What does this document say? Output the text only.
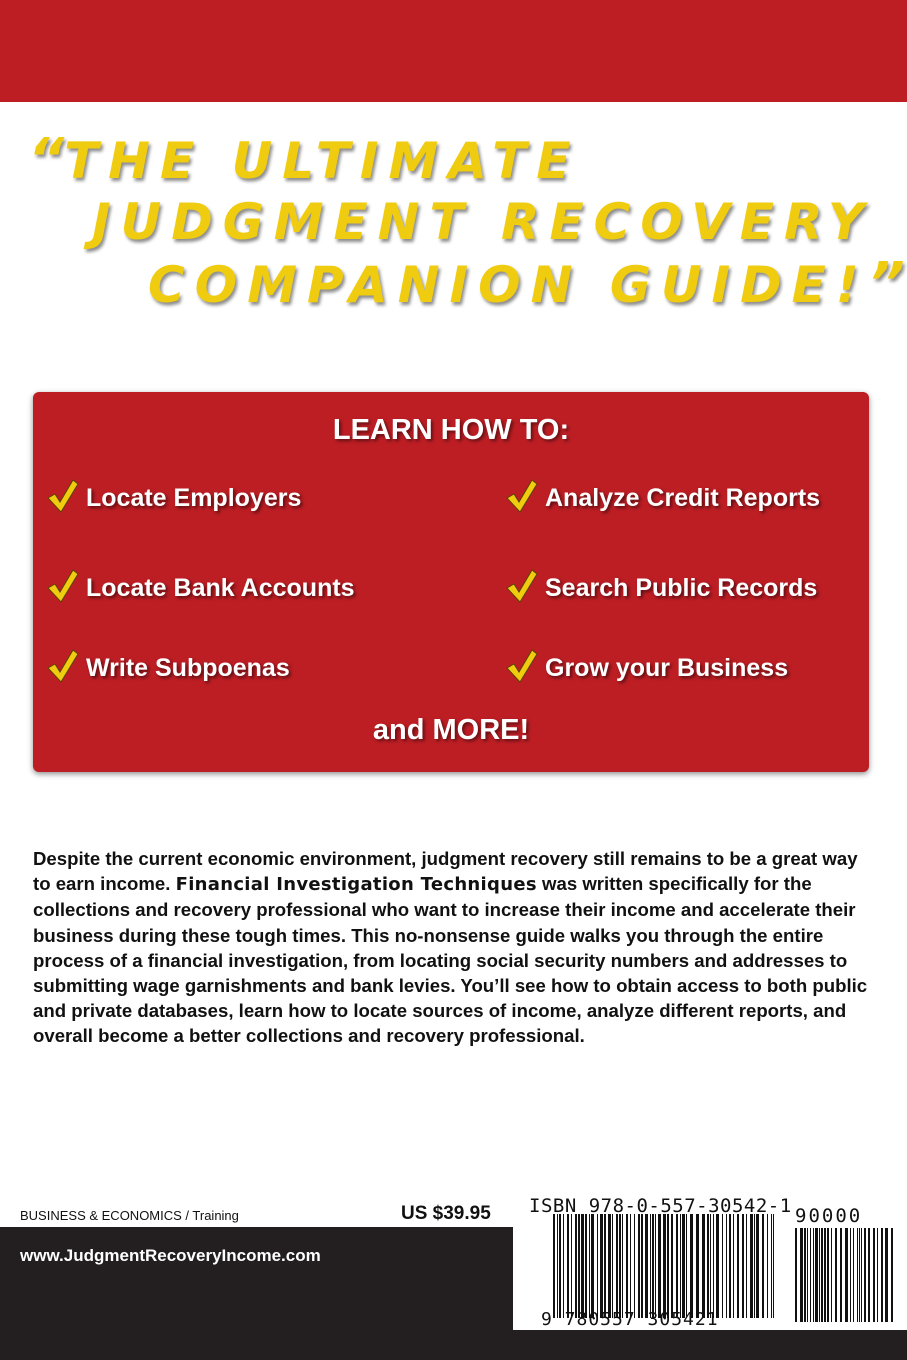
“THE ULTIMATE
JUDGMENT RECOVERY
COMPANION GUIDE!”
LEARN HOW TO:
Locate Employers	Analyze Credit Reports
Locate Bank Accounts	Search Public Records
Write Subpoenas	Grow your Business
and MORE!
Despite the current economic environment, judgment recovery still remains to be a great way to earn income. Financial Investigation Techniques was written specifically for the collections and recovery professional who want to increase their income and accelerate their business during these tough times. This no-nonsense guide walks you through the entire process of a financial investigation, from locating social security numbers and addresses to submitting wage garnishments and bank levies. You’ll see how to obtain access to both public and private databases, learn how to locate sources of income, analyze different reports, and overall become a better collections and recovery professional.
BUSINESS & ECONOMICS / Training	US $39.95
www.JudgmentRecoveryIncome.com
ISBN 978-0-557-30542-1
9 780557 305421
90000
